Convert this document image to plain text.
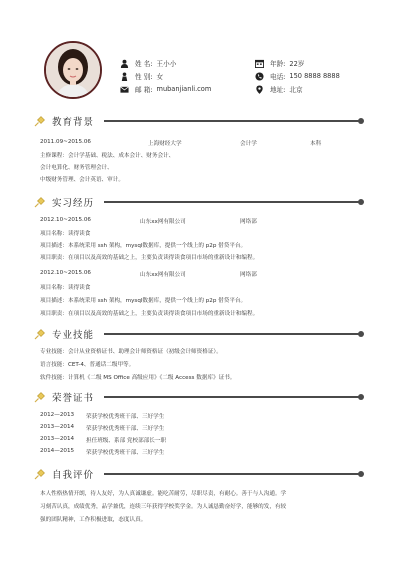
姓 名: 王小小
性 别: 女
邮 箱: mubanjianli.com
年龄: 22岁
电话: 150 8888 8888
地址: 北京
教育背景
2011.09~2015.06	上海财经大学	会计学	本科
主修课程：会计学基础、税法、成本会计、财务会计、
会计电算化、财务管理会计、
中级财务管理、会计英语、审计。
实习经历
2012.10~2015.06	山东xx网有限公司	网络部
项目名称：读得读食
项目描述：本系统采用 ssh 架构，mysql数据库，提供一个线上的 p2p 借贷平台。
项目职责：在项目以及高效的基础之上，主要负责读得读食项目市场的重新设计和编程。
2012.10~2015.06	山东xx网有限公司	网络部
项目名称：读得读食
项目描述：本系统采用 ssh 架构，mysql数据库，提供一个线上的 p2p 借贷平台。
项目职责：在项目以及高效的基础之上，主要负责读得读食项目市场的重新设计和编程。
专业技能
专业技能：会计从业资格证书、助理会计师资格证（初级会计师资格证）。
语言技能：CET-4、普通话二级甲等。
软件技能：计算机《二级 MS Office 高级应用》《二级 Access 数据库》证书。
荣誉证书
2012—2013 荣获学校优秀班干部、三好学生
2013—2014 荣获学校优秀班干部、三好学生
2013—2014 担任班级、系部 党校部部长一职
2014—2015 荣获学校优秀班干部、三好学生
自我评价
本人性格热情开朗，待人友好，为人真诚谦虚。能吃苦耐劳，尽职尽责，有耐心。善于与人沟通。学
习刻苦认真，成绩优秀，品学兼优，连续三年获得学校奖学金。为人诚恳勤奋好学，能够的发，有较
强的团队精神，工作积极进取，态度认真。
